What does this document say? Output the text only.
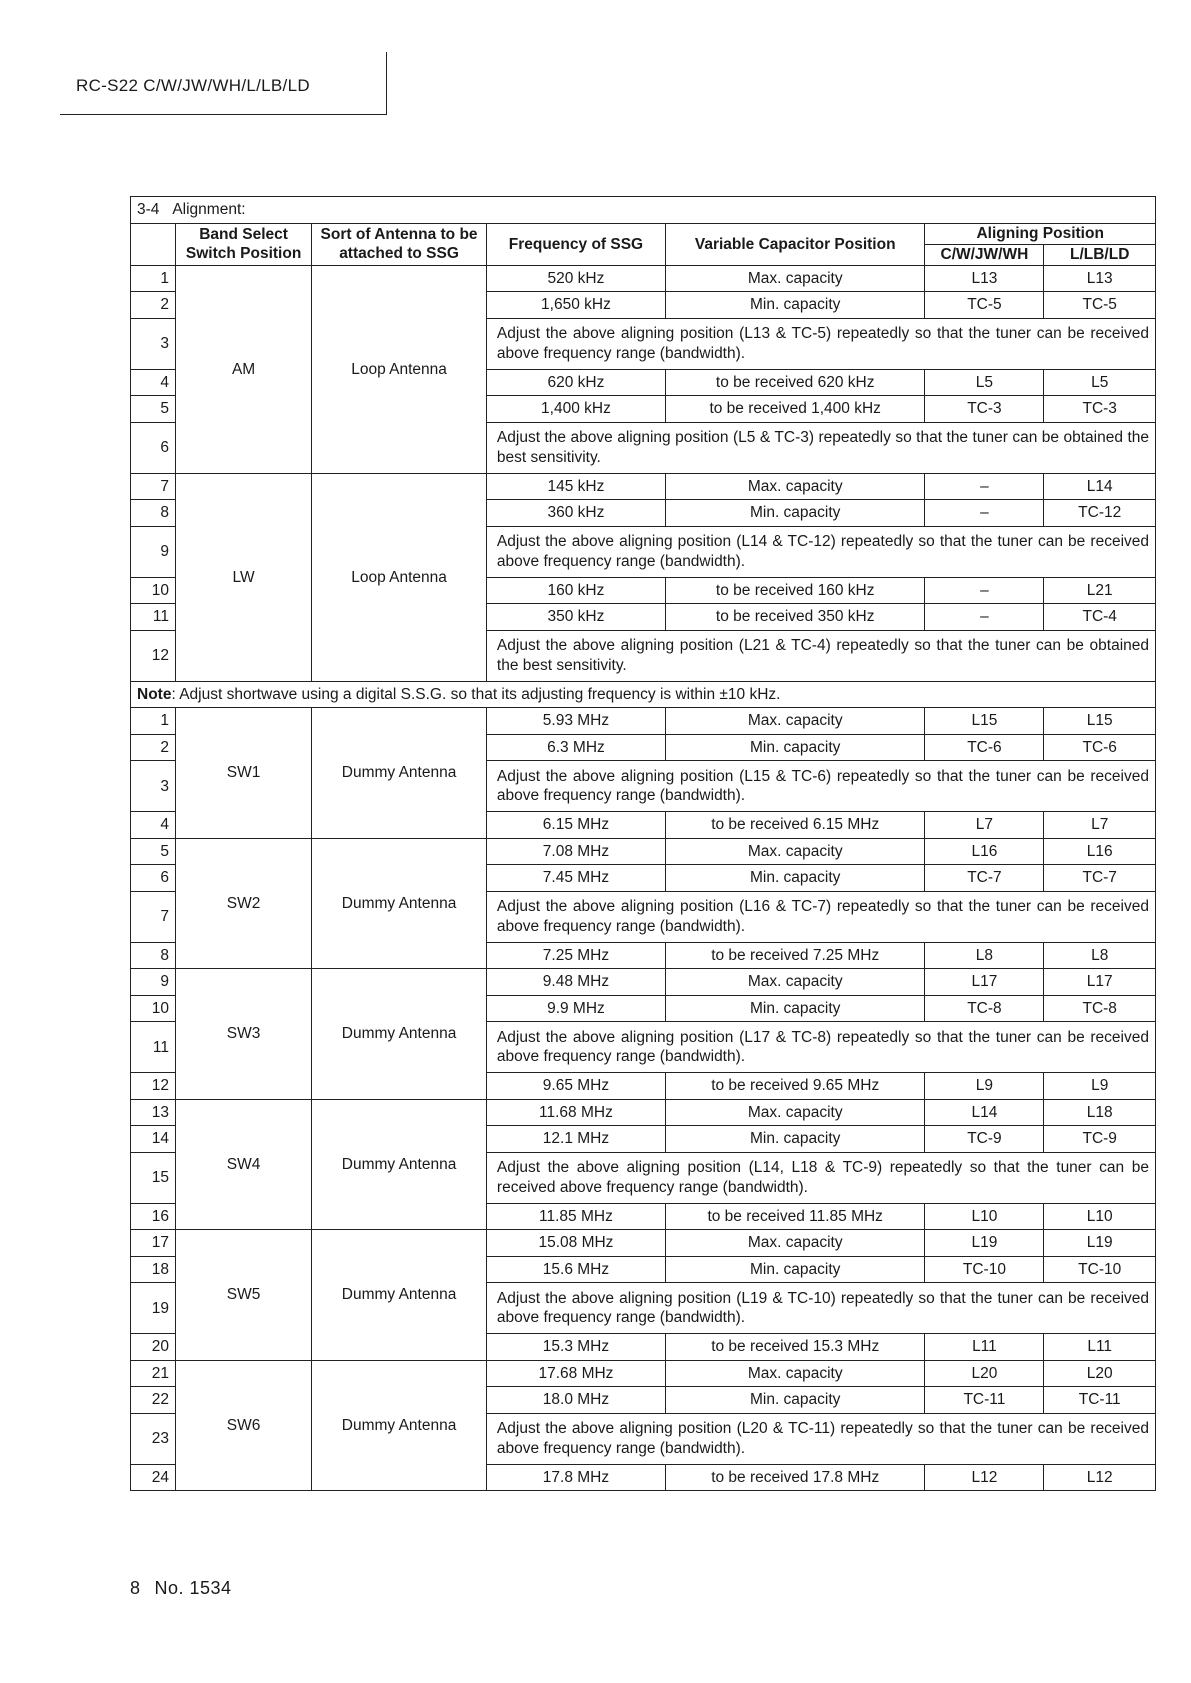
RC-S22 C/W/JW/WH/L/LB/LD
3-4 Alignment:						
	Band Select Switch Position	Sort of Antenna to be attached to SSG	Frequency of SSG	Variable Capacitor Position	Aligning Position	
					C/W/JW/WH	L/LB/LD
1	AM	Loop Antenna	520 kHz	Max. capacity	L13	L13
2			1,650 kHz	Min. capacity	TC-5	TC-5
3			Adjust the above aligning position (L13 & TC-5) repeatedly so that the tuner can be received above frequency range (bandwidth).			
4			620 kHz	to be received 620 kHz	L5	L5
5			1,400 kHz	to be received 1,400 kHz	TC-3	TC-3
6			Adjust the above aligning position (L5 & TC-3) repeatedly so that the tuner can be obtained the best sensitivity.			
7	LW	Loop Antenna	145 kHz	Max. capacity	–	L14
8			360 kHz	Min. capacity	–	TC-12
9			Adjust the above aligning position (L14 & TC-12) repeatedly so that the tuner can be received above frequency range (bandwidth).			
10			160 kHz	to be received 160 kHz	–	L21
11			350 kHz	to be received 350 kHz	–	TC-4
12			Adjust the above aligning position (L21 & TC-4) repeatedly so that the tuner can be obtained the best sensitivity.			
Note: Adjust shortwave using a digital S.S.G. so that its adjusting frequency is within ±10 kHz.						
1	SW1	Dummy Antenna	5.93 MHz	Max. capacity	L15	L15
2			6.3 MHz	Min. capacity	TC-6	TC-6
3			Adjust the above aligning position (L15 & TC-6) repeatedly so that the tuner can be received above frequency range (bandwidth).			
4			6.15 MHz	to be received 6.15 MHz	L7	L7
5	SW2	Dummy Antenna	7.08 MHz	Max. capacity	L16	L16
6			7.45 MHz	Min. capacity	TC-7	TC-7
7			Adjust the above aligning position (L16 & TC-7) repeatedly so that the tuner can be received above frequency range (bandwidth).			
8			7.25 MHz	to be received 7.25 MHz	L8	L8
9	SW3	Dummy Antenna	9.48 MHz	Max. capacity	L17	L17
10			9.9 MHz	Min. capacity	TC-8	TC-8
11			Adjust the above aligning position (L17 & TC-8) repeatedly so that the tuner can be received above frequency range (bandwidth).			
12			9.65 MHz	to be received 9.65 MHz	L9	L9
13	SW4	Dummy Antenna	11.68 MHz	Max. capacity	L14	L18
14			12.1 MHz	Min. capacity	TC-9	TC-9
15			Adjust the above aligning position (L14, L18 & TC-9) repeatedly so that the tuner can be received above frequency range (bandwidth).			
16			11.85 MHz	to be received 11.85 MHz	L10	L10
17	SW5	Dummy Antenna	15.08 MHz	Max. capacity	L19	L19
18			15.6 MHz	Min. capacity	TC-10	TC-10
19			Adjust the above aligning position (L19 & TC-10) repeatedly so that the tuner can be received above frequency range (bandwidth).			
20			15.3 MHz	to be received 15.3 MHz	L11	L11
21	SW6	Dummy Antenna	17.68 MHz	Max. capacity	L20	L20
22			18.0 MHz	Min. capacity	TC-11	TC-11
23			Adjust the above aligning position (L20 & TC-11) repeatedly so that the tuner can be received above frequency range (bandwidth).			
24			17.8 MHz	to be received 17.8 MHz	L12	L12
8 No. 1534
